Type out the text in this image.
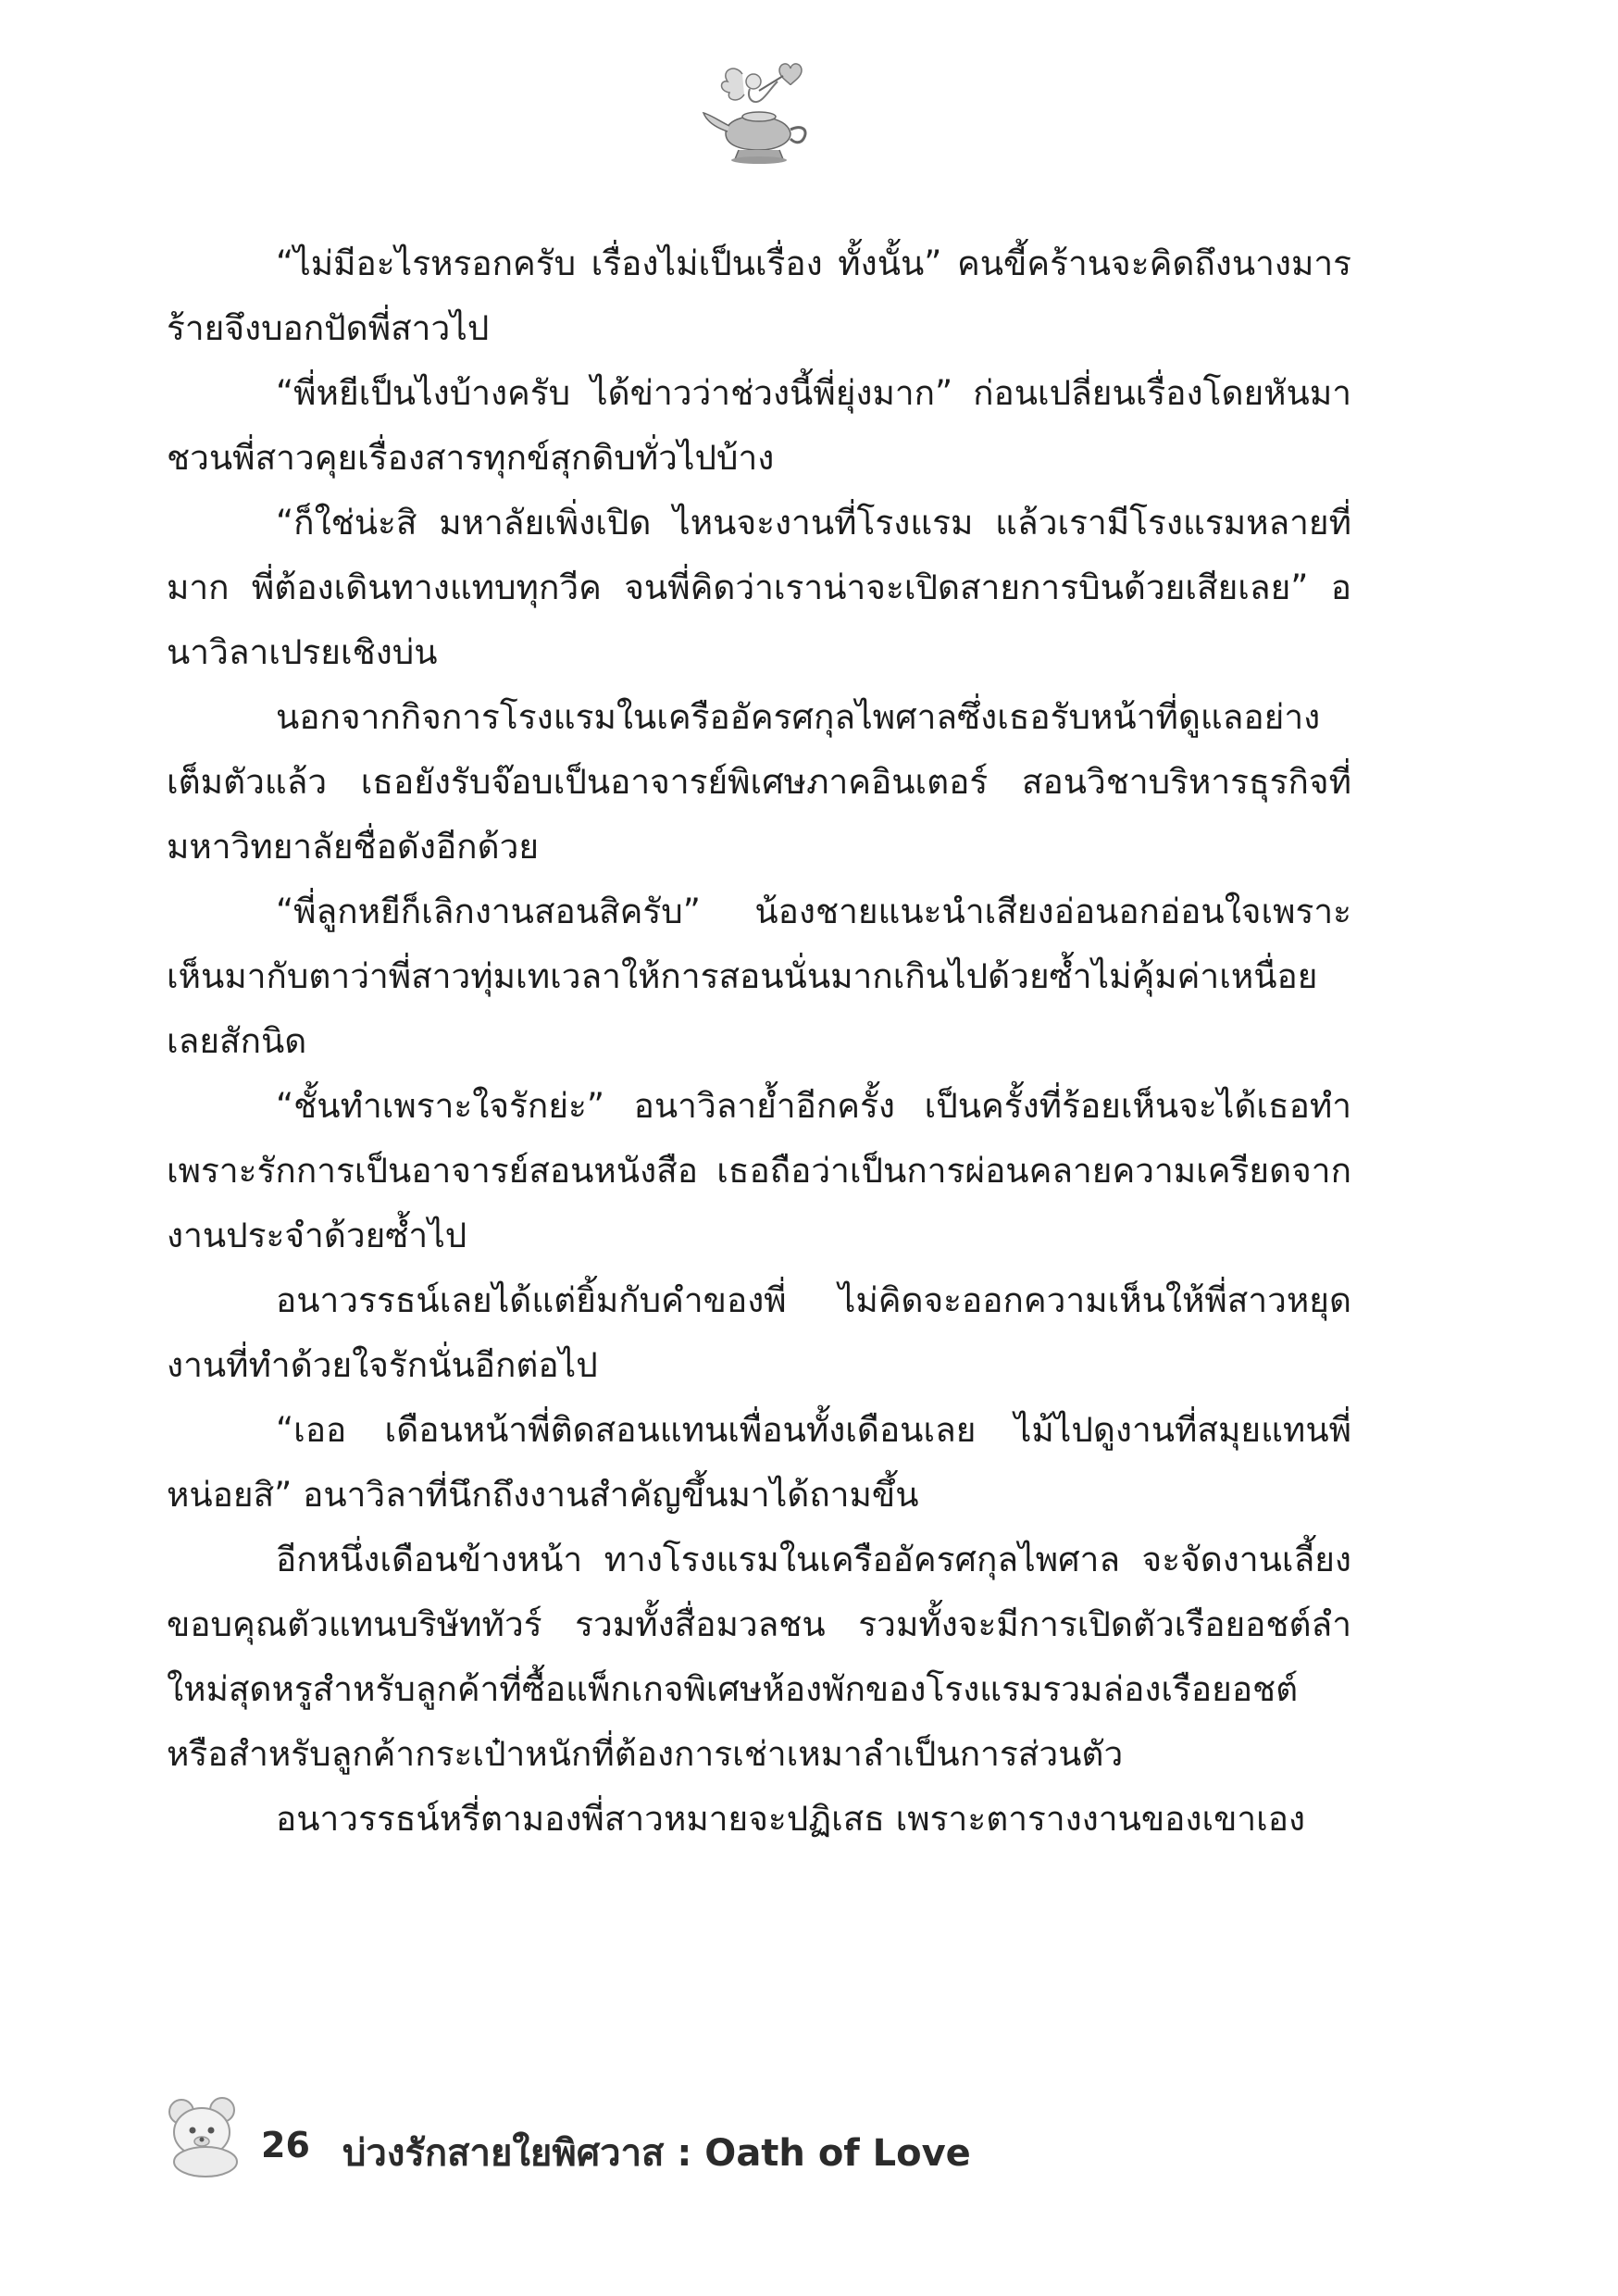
“ไม่มีอะไรหรอกครับ เรื่องไม่เป็นเรื่อง ทั้งนั้น” คนขี้คร้านจะคิดถึงนางมารร้ายจึงบอกปัดพี่สาวไป

“พี่หยีเป็นไงบ้างครับ ได้ข่าวว่าช่วงนี้พี่ยุ่งมาก” ก่อนเปลี่ยนเรื่องโดยหันมาชวนพี่สาวคุยเรื่องสารทุกข์สุกดิบทั่วไปบ้าง

“ก็ใช่น่ะสิ มหาลัยเพิ่งเปิด ไหนจะงานที่โรงแรม แล้วเรามีโรงแรมหลายที่มาก พี่ต้องเดินทางแทบทุกวีค จนพี่คิดว่าเราน่าจะเปิดสายการบินด้วยเสียเลย” อนาวิลาเปรยเชิงบ่น

นอกจากกิจการโรงแรมในเครืออัครศกุลไพศาลซึ่งเธอรับหน้าที่ดูแลอย่างเต็มตัวแล้ว เธอยังรับจ๊อบเป็นอาจารย์พิเศษภาคอินเตอร์ สอนวิชาบริหารธุรกิจที่มหาวิทยาลัยชื่อดังอีกด้วย

“พี่ลูกหยีก็เลิกงานสอนสิครับ” น้องชายแนะนำเสียงอ่อนอกอ่อนใจเพราะเห็นมากับตาว่าพี่สาวทุ่มเทเวลาให้การสอนนั่นมากเกินไปด้วยซ้ำไม่คุ้มค่าเหนื่อยเลยสักนิด

“ชั้นทำเพราะใจรักย่ะ” อนาวิลาย้ำอีกครั้ง เป็นครั้งที่ร้อยเห็นจะได้เธอทำเพราะรักการเป็นอาจารย์สอนหนังสือ เธอถือว่าเป็นการผ่อนคลายความเครียดจากงานประจำด้วยซ้ำไป

อนาวรรธน์เลยได้แต่ยิ้มกับคำของพี่ ไม่คิดจะออกความเห็นให้พี่สาวหยุดงานที่ทำด้วยใจรักนั่นอีกต่อไป

“เออ เดือนหน้าพี่ติดสอนแทนเพื่อนทั้งเดือนเลย ไม้ไปดูงานที่สมุยแทนพี่หน่อยสิ” อนาวิลาที่นึกถึงงานสำคัญขึ้นมาได้ถามขึ้น

อีกหนึ่งเดือนข้างหน้า ทางโรงแรมในเครืออัครศกุลไพศาล จะจัดงานเลี้ยงขอบคุณตัวแทนบริษัททัวร์ รวมทั้งสื่อมวลชน รวมทั้งจะมีการเปิดตัวเรือยอชต์ลำใหม่สุดหรูสำหรับลูกค้าที่ซื้อแพ็กเกจพิเศษห้องพักของโรงแรมรวมล่องเรือยอชต์ หรือสำหรับลูกค้ากระเป๋าหนักที่ต้องการเช่าเหมาลำเป็นการส่วนตัว

อนาวรรธน์หรี่ตามองพี่สาวหมายจะปฏิเสธ เพราะตารางงานของเขาเอง

26 บ่วงรักสายใยพิศวาส : Oath of Love
